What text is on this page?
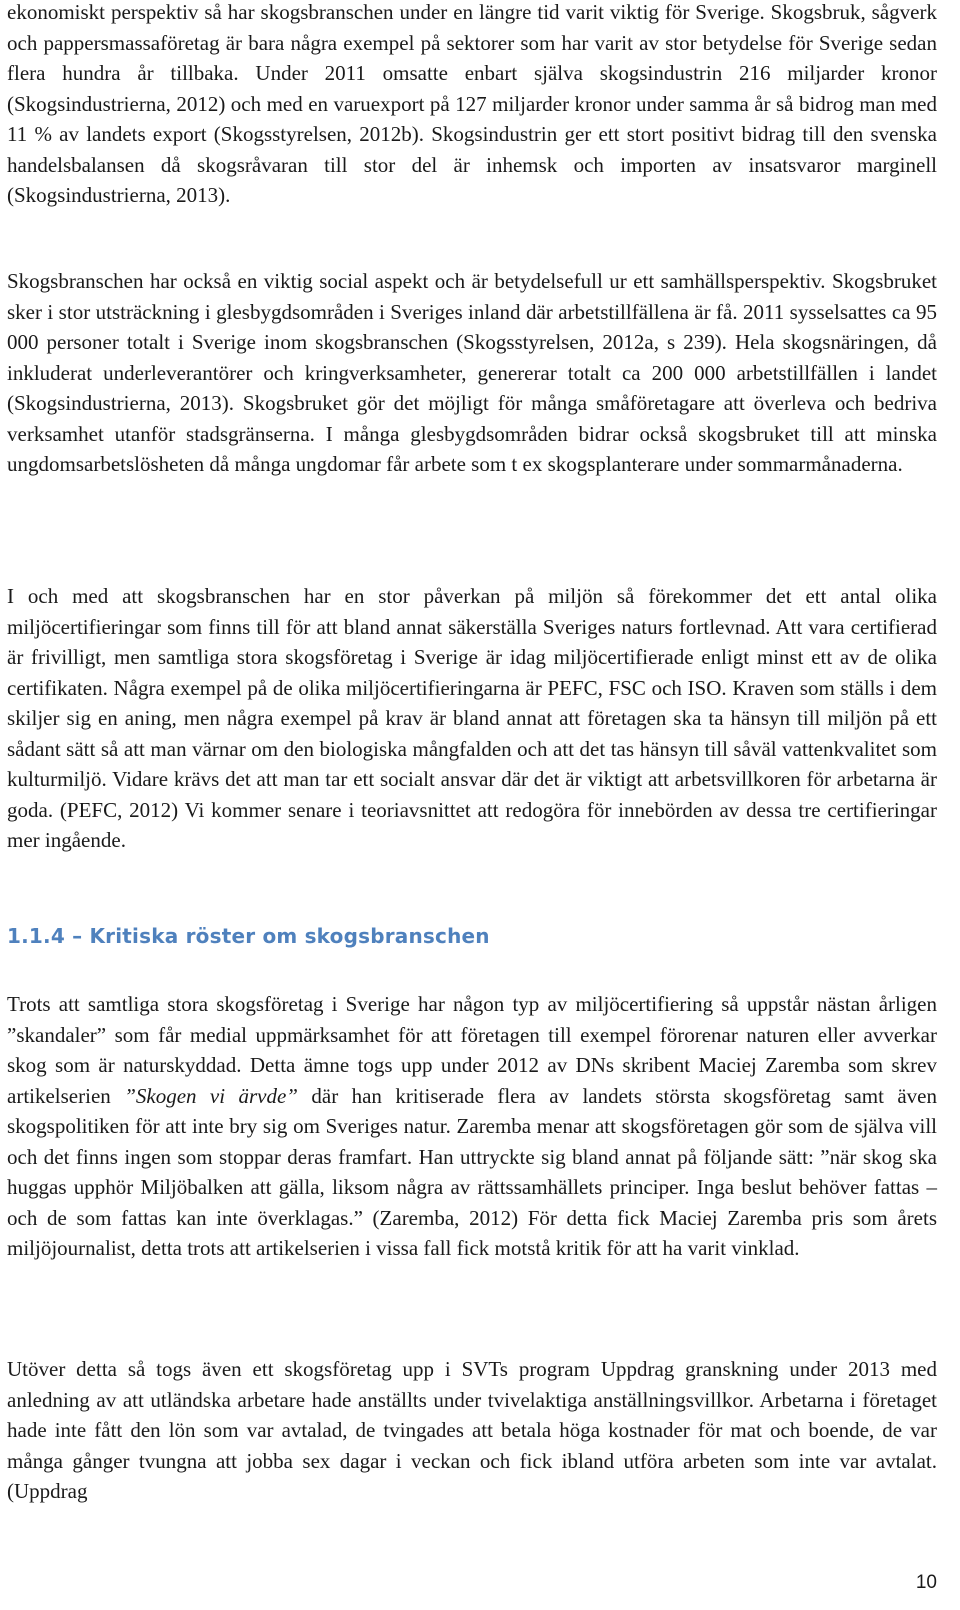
ekonomiskt perspektiv så har skogsbranschen under en längre tid varit viktig för Sverige. Skogsbruk, sågverk och pappersmassaföretag är bara några exempel på sektorer som har varit av stor betydelse för Sverige sedan flera hundra år tillbaka. Under 2011 omsatte enbart själva skogsindustrin 216 miljarder kronor (Skogsindustrierna, 2012) och med en varuexport på 127 miljarder kronor under samma år så bidrog man med 11 % av landets export (Skogsstyrelsen, 2012b). Skogsindustrin ger ett stort positivt bidrag till den svenska handelsbalansen då skogsråvaran till stor del är inhemsk och importen av insatsvaror marginell (Skogsindustrierna, 2013).

Skogsbranschen har också en viktig social aspekt och är betydelsefull ur ett samhällsperspektiv. Skogsbruket sker i stor utsträckning i glesbygdsområden i Sveriges inland där arbetstillfällena är få. 2011 sysselsattes ca 95 000 personer totalt i Sverige inom skogsbranschen (Skogsstyrelsen, 2012a, s 239). Hela skogsnäringen, då inkluderat underleverantörer och kringverksamheter, genererar totalt ca 200 000 arbetstillfällen i landet (Skogsindustrierna, 2013). Skogsbruket gör det möjligt för många småföretagare att överleva och bedriva verksamhet utanför stadsgränserna. I många glesbygdsområden bidrar också skogsbruket till att minska ungdomsarbetslösheten då många ungdomar får arbete som t ex skogsplanterare under sommarmånaderna.

I och med att skogsbranschen har en stor påverkan på miljön så förekommer det ett antal olika miljöcertifieringar som finns till för att bland annat säkerställa Sveriges naturs fortlevnad. Att vara certifierad är frivilligt, men samtliga stora skogsföretag i Sverige är idag miljöcertifierade enligt minst ett av de olika certifikaten. Några exempel på de olika miljöcertifieringarna är PEFC, FSC och ISO. Kraven som ställs i dem skiljer sig en aning, men några exempel på krav är bland annat att företagen ska ta hänsyn till miljön på ett sådant sätt så att man värnar om den biologiska mångfalden och att det tas hänsyn till såväl vattenkvalitet som kulturmiljö. Vidare krävs det att man tar ett socialt ansvar där det är viktigt att arbetsvillkoren för arbetarna är goda. (PEFC, 2012) Vi kommer senare i teoriavsnittet att redogöra för innebörden av dessa tre certifieringar mer ingående.

1.1.4 – Kritiska röster om skogsbranschen

Trots att samtliga stora skogsföretag i Sverige har någon typ av miljöcertifiering så uppstår nästan årligen ”skandaler” som får medial uppmärksamhet för att företagen till exempel förorenar naturen eller avverkar skog som är naturskyddad. Detta ämne togs upp under 2012 av DNs skribent Maciej Zaremba som skrev artikelserien ”Skogen vi ärvde” där han kritiserade flera av landets största skogsföretag samt även skogspolitiken för att inte bry sig om Sveriges natur. Zaremba menar att skogsföretagen gör som de själva vill och det finns ingen som stoppar deras framfart. Han uttryckte sig bland annat på följande sätt: ”när skog ska huggas upphör Miljöbalken att gälla, liksom några av rättssamhällets principer. Inga beslut behöver fattas – och de som fattas kan inte överklagas.” (Zaremba, 2012) För detta fick Maciej Zaremba pris som årets miljöjournalist, detta trots att artikelserien i vissa fall fick motstå kritik för att ha varit vinklad.

Utöver detta så togs även ett skogsföretag upp i SVTs program Uppdrag granskning under 2013 med anledning av att utländska arbetare hade anställts under tvivelaktiga anställningsvillkor. Arbetarna i företaget hade inte fått den lön som var avtalad, de tvingades att betala höga kostnader för mat och boende, de var många gånger tvungna att jobba sex dagar i veckan och fick ibland utföra arbeten som inte var avtalat. (Uppdrag

10
